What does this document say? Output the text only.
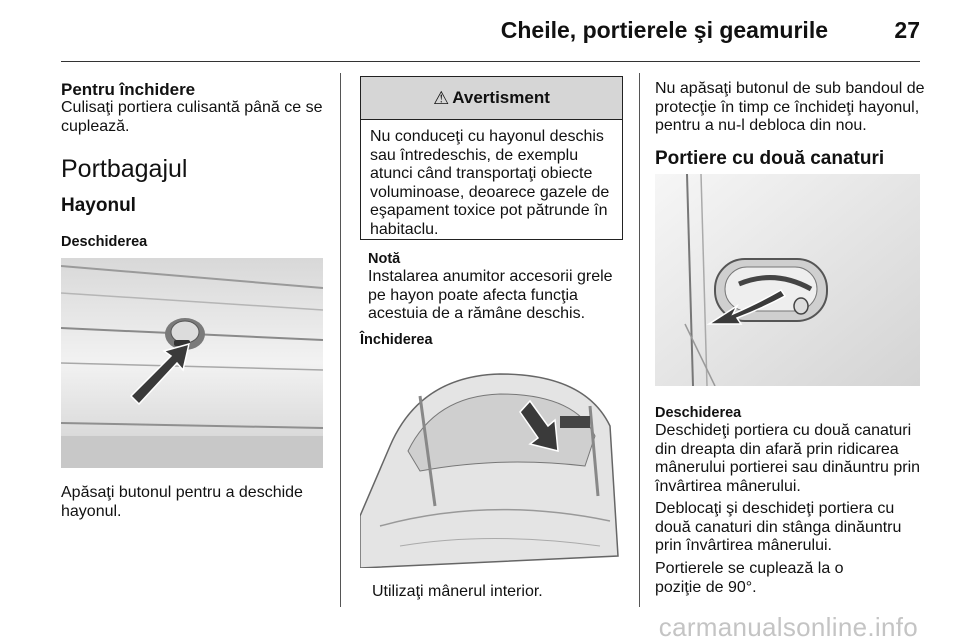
Cheile, portierele şi geamurile	27
Pentru închidere
Culisaţi portiera culisantă până ce se cuplează.
Portbagajul
Hayonul
Deschiderea
Apăsaţi butonul pentru a deschide hayonul.
⚠ Avertisment
Nu conduceţi cu hayonul deschis sau întredeschis, de exemplu atunci când transportaţi obiecte voluminoase, deoarece gazele de eşapament toxice pot pătrunde în habitaclu.
Notă
Instalarea anumitor accesorii grele pe hayon poate afecta funcţia acestuia de a rămâne deschis.
Închiderea
Utilizaţi mânerul interior.
Nu apăsaţi butonul de sub bandoul de protecţie în timp ce închideţi hayonul, pentru a nu-l debloca din nou.
Portiere cu două canaturi
Deschiderea
Deschideţi portiera cu două canaturi din dreapta din afară prin ridicarea mânerului portierei sau dinăuntru prin învârtirea mânerului.
Deblocaţi şi deschideţi portiera cu două canaturi din stânga dinăuntru prin învârtirea mânerului.
Portierele se cuplează la o poziţie de 90°.
carmanualsonline.info
